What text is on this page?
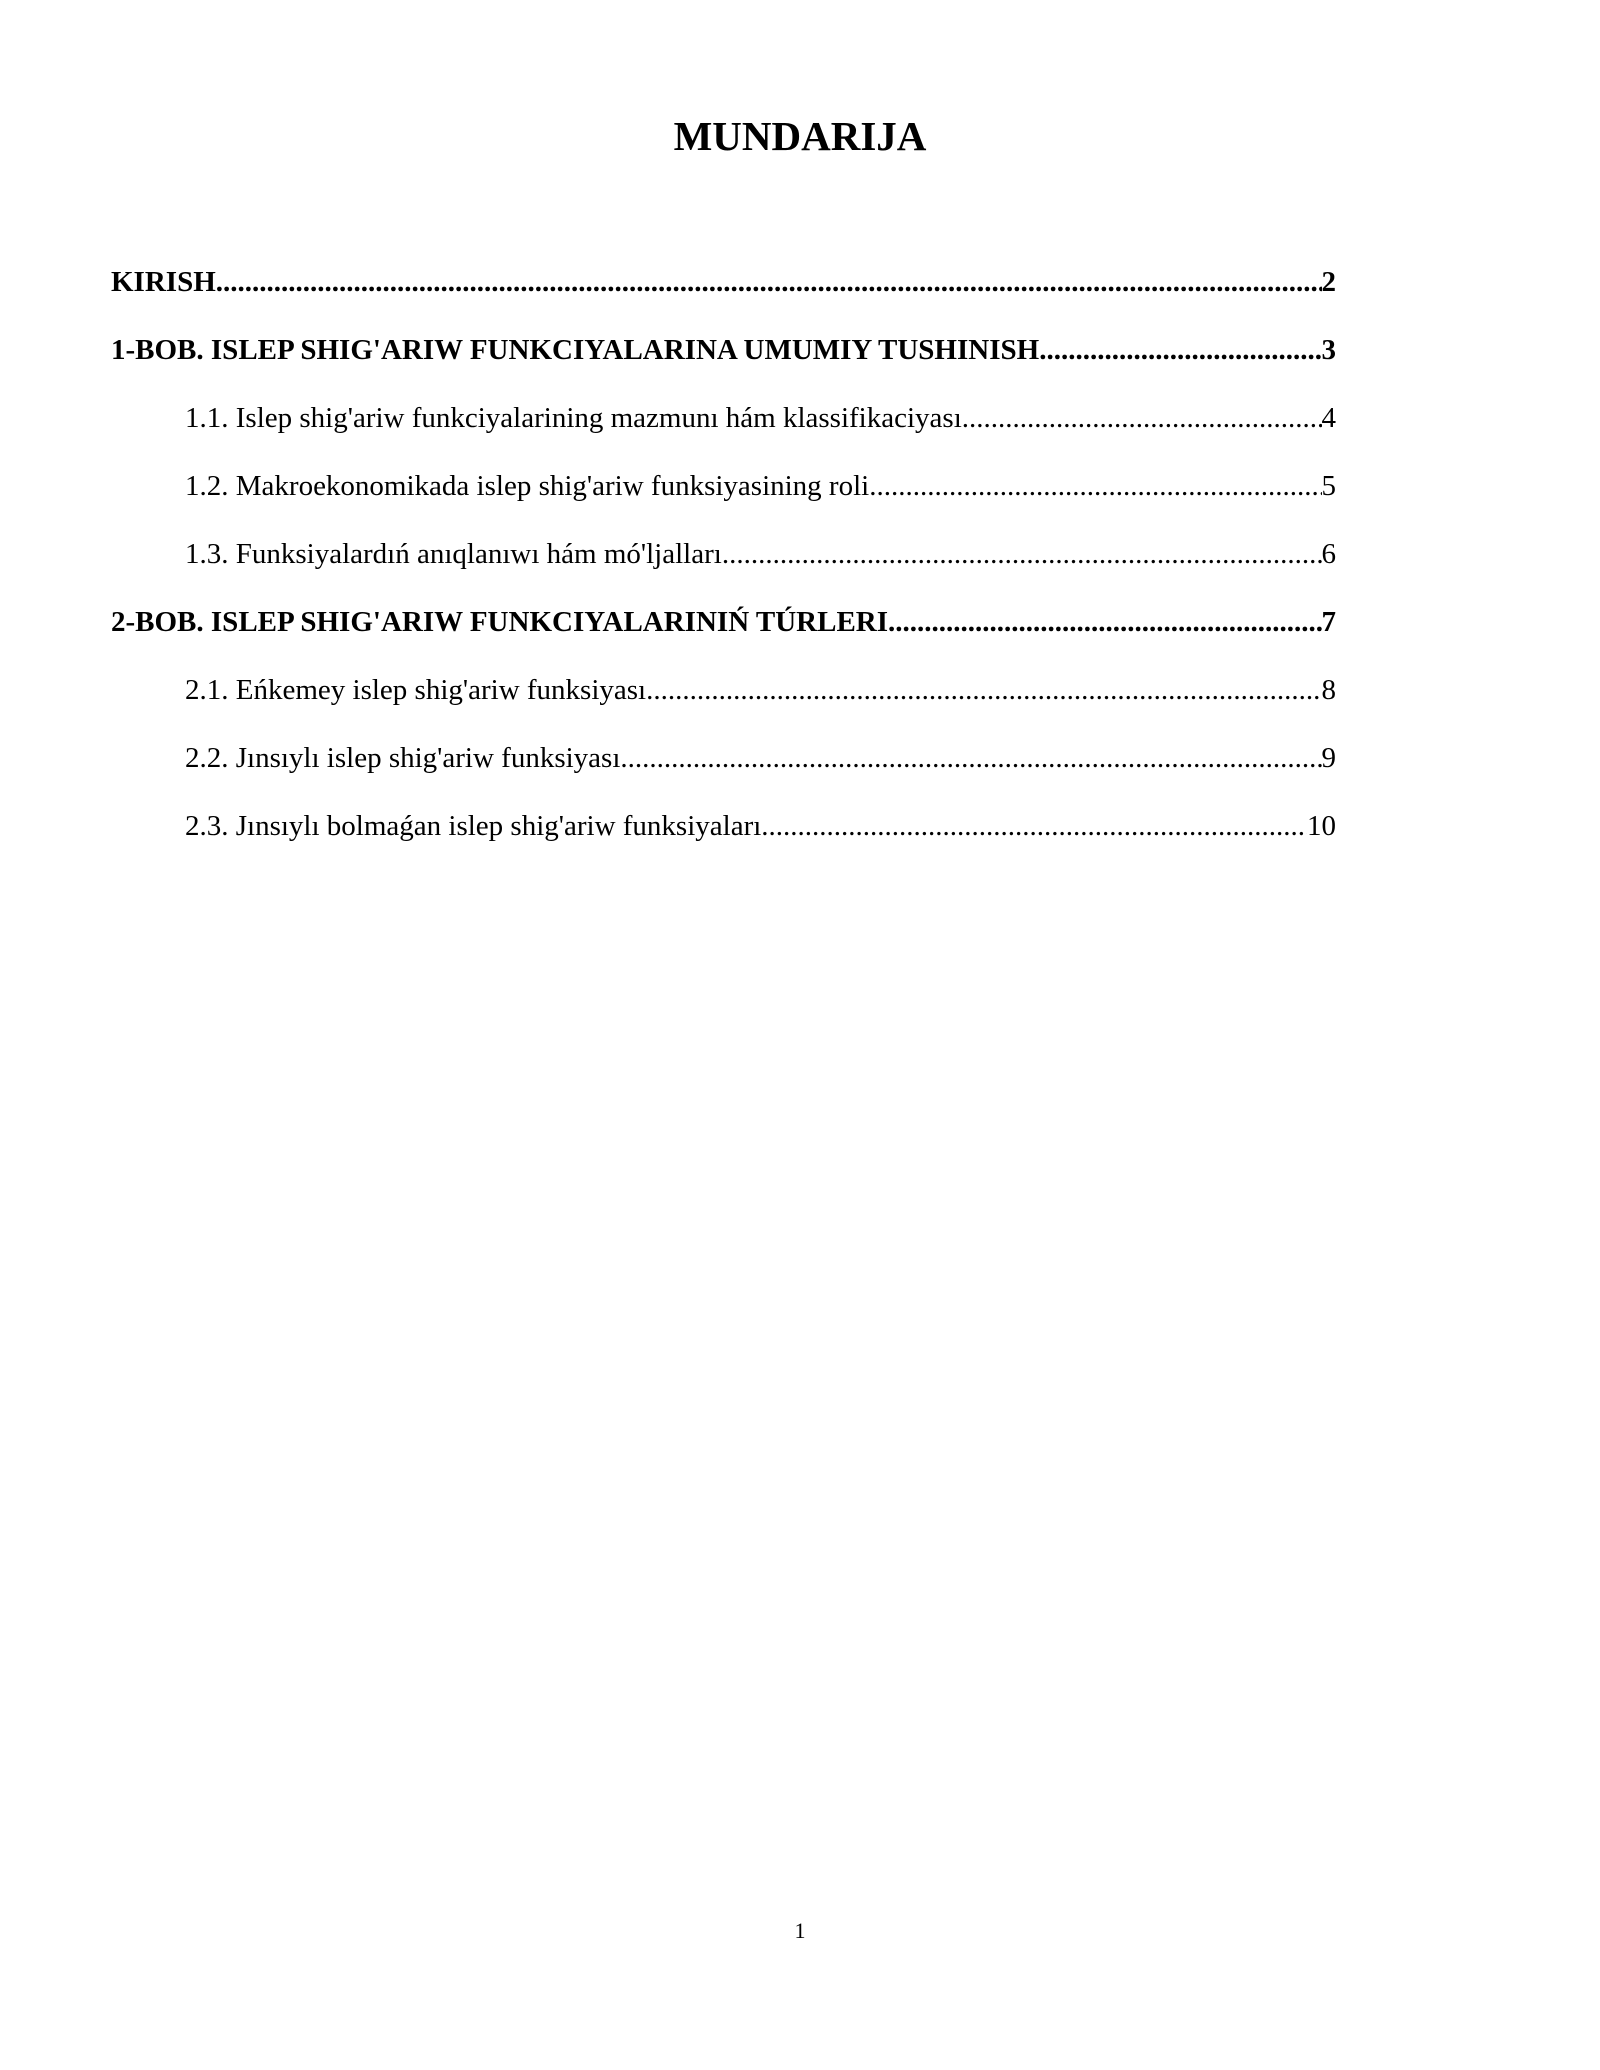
MUNDARIJA
KIRISH .....	2
1-BOB. ISLEP SHIG'ARIW FUNKCIYALARINA UMUMIY TUSHINISH .....	3
1.1. Islep shig'ariw funkciyalarining mazmunı hám klassifikaciyası .....	4
1.2. Makroekonomikada islep shig'ariw funksiyasining roli .....	5
1.3. Funksiyalardıń anıqlanıwı hám mó'ljalları .....	6
2-BOB. ISLEP SHIG'ARIW FUNKCIYALARINIŃ TÚRLERI .....	7
2.1. Eńkemey islep shig'ariw funksiyası .....	8
2.2. Jınsıylı islep shig'ariw funksiyası .....	9
2.3. Jınsıylı bolmaǵan islep shig'ariw funksiyaları .....	10
1
